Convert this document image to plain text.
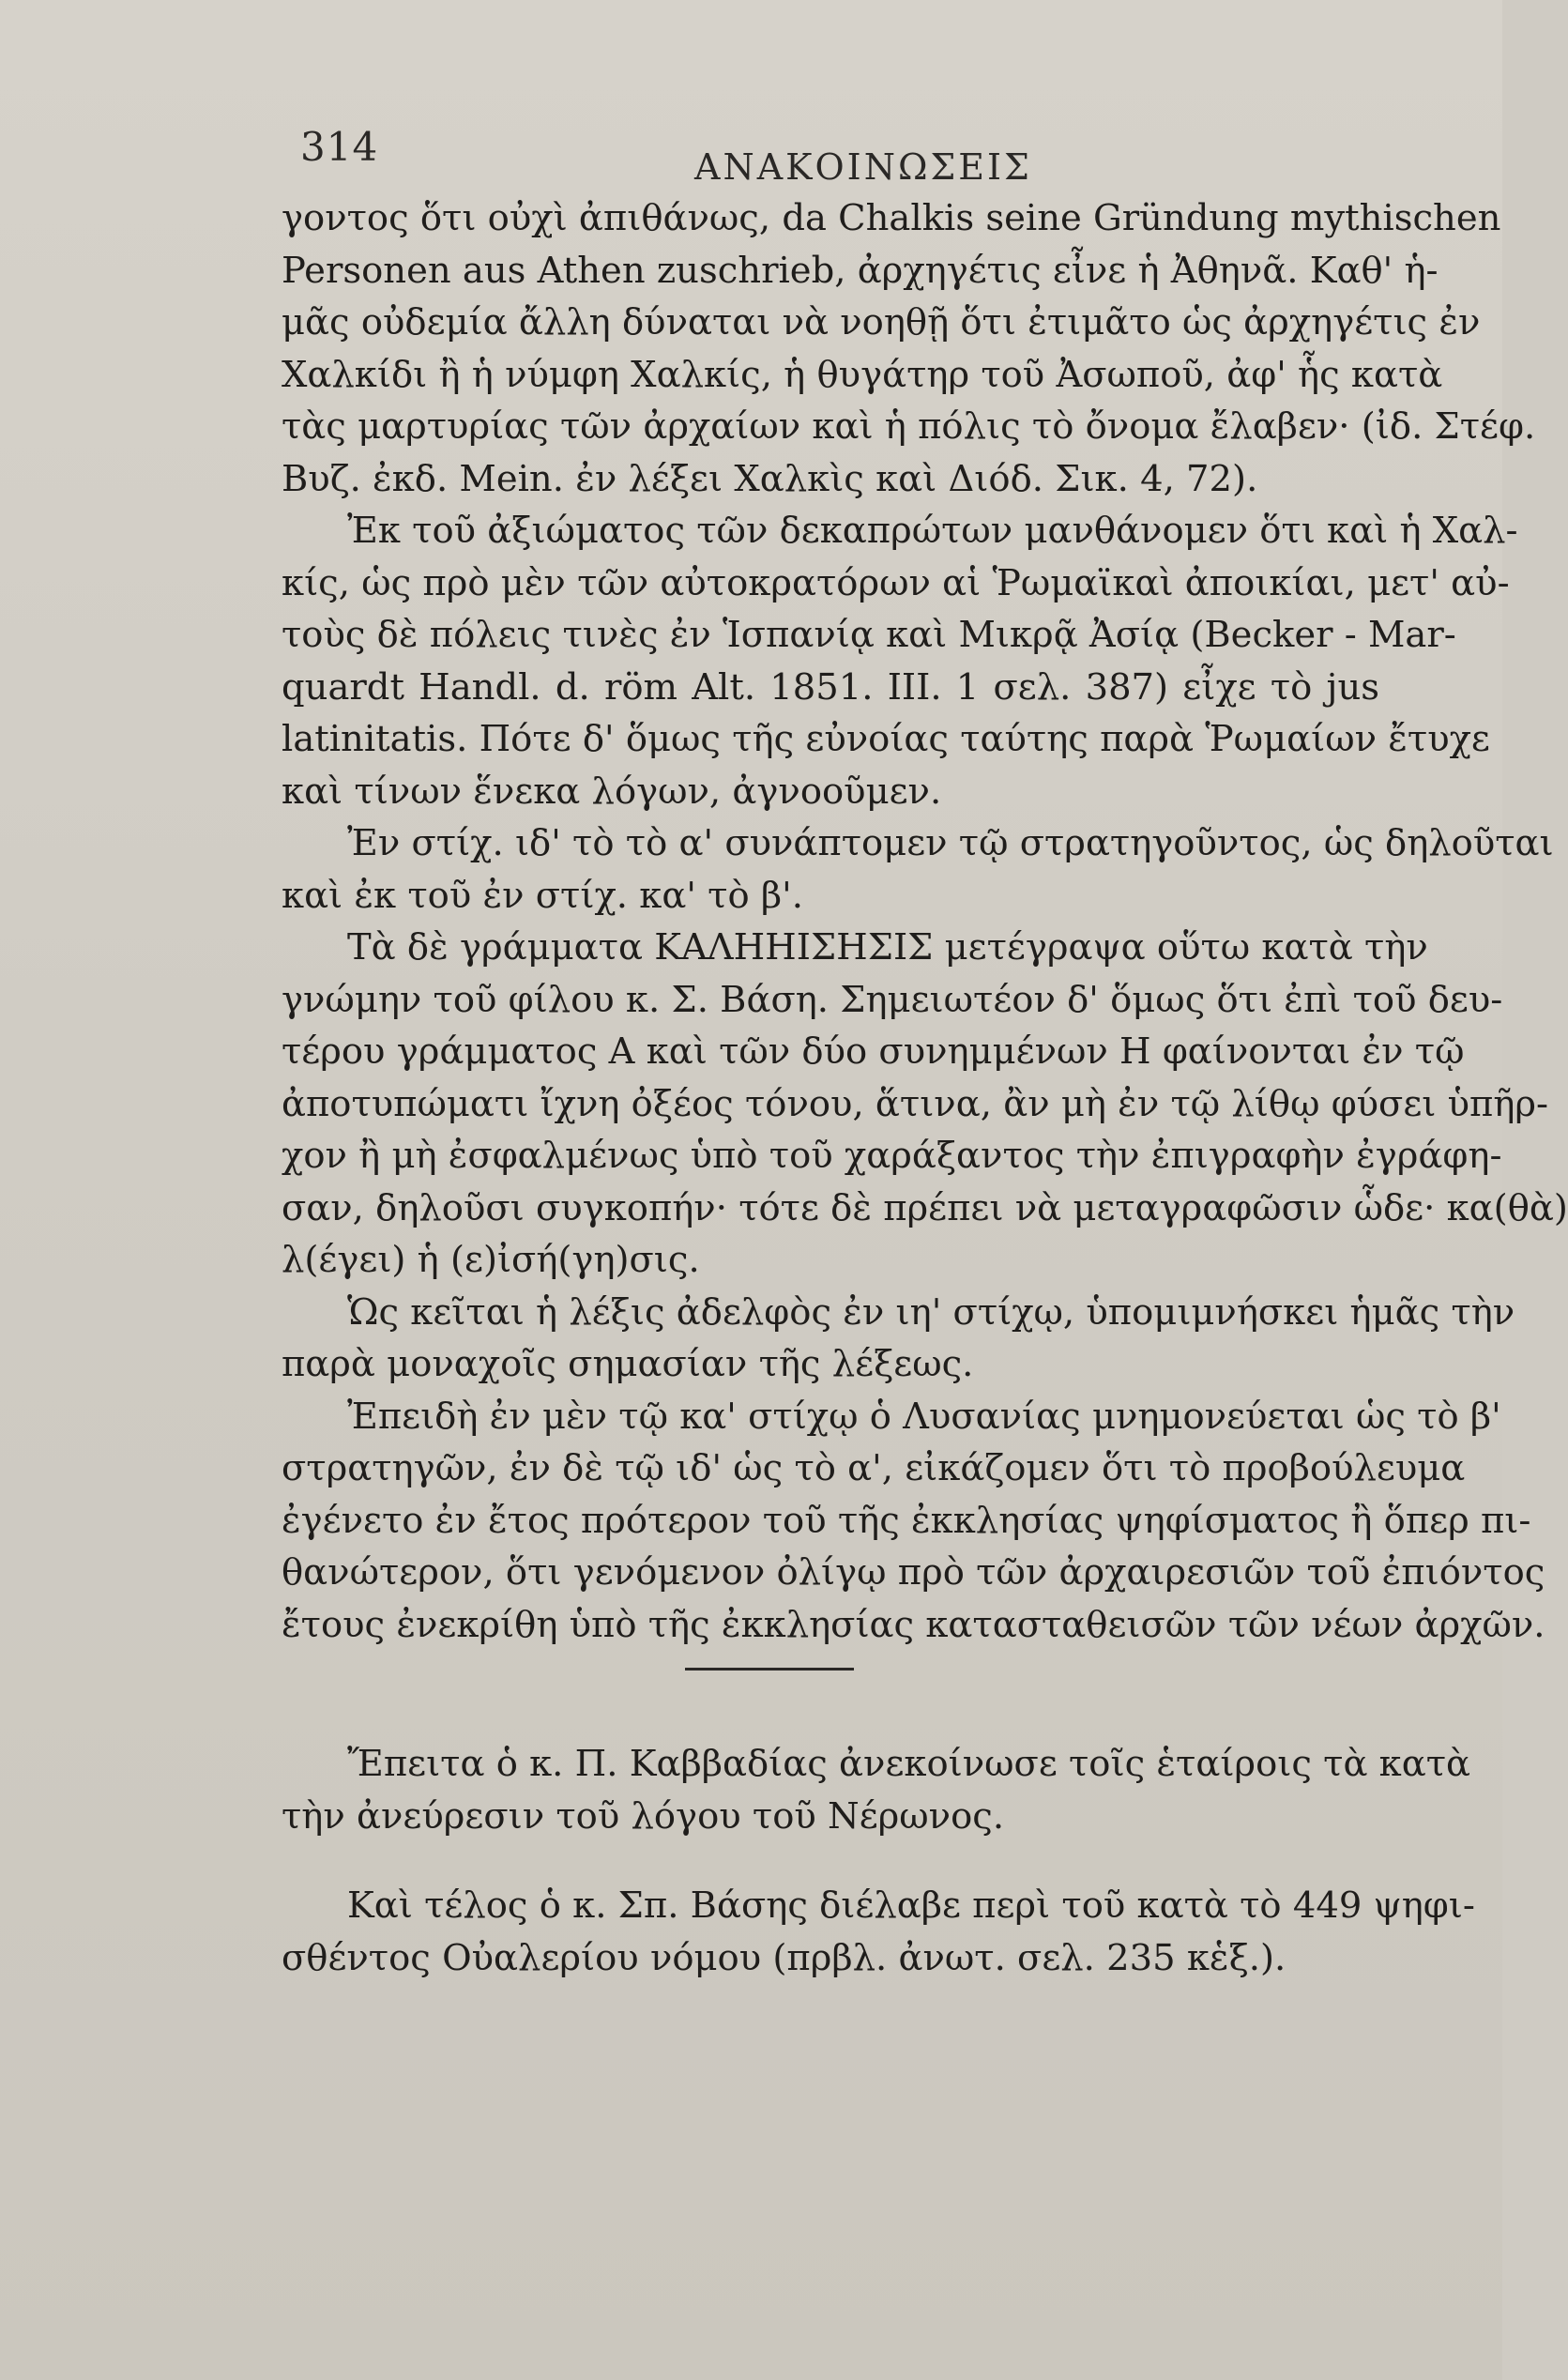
314	ΑΝΑΚΟΙΝΩΣΕΙΣ
γοντος ὅτι οὐχὶ ἀπιθάνως, da Chalkis seine Gründung mythischen
Personen aus Athen zuschrieb, ἀρχηγέτις εἶνε ἡ Ἀθηνᾶ. Καθ' ἡ-
μᾶς οὐδεμία ἄλλη δύναται νὰ νοηθῇ ὅτι ἐτιμᾶτο ὡς ἀρχηγέτις ἐν
Χαλκίδι ἢ ἡ νύμφη Χαλκίς, ἡ θυγάτηρ τοῦ Ἀσωποῦ, ἀφ' ἧς κατὰ
τὰς μαρτυρίας τῶν ἀρχαίων καὶ ἡ πόλις τὸ ὄνομα ἔλαβεν· (ἰδ. Στέφ.
Βυζ. ἐκδ. Mein. ἐν λέξει Χαλκὶς καὶ Διόδ. Σικ. 4, 72).
Ἐκ τοῦ ἀξιώματος τῶν δεκαπρώτων μανθάνομεν ὅτι καὶ ἡ Χαλ-
κίς, ὡς πρὸ μὲν τῶν αὐτοκρατόρων αἱ Ῥωμαϊκαὶ ἀποικίαι, μετ' αὐ-
τοὺς δὲ πόλεις τινὲς ἐν Ἱσπανίᾳ καὶ Μικρᾷ Ἀσίᾳ (Becker - Mar-
quardt Handl. d. röm Alt. 1851. III. 1 σελ. 387) εἶχε τὸ jus
latinitatis. Πότε δ' ὅμως τῆς εὐνοίας ταύτης παρὰ Ῥωμαίων ἔτυχε
καὶ τίνων ἕνεκα λόγων, ἀγνοοῦμεν.
Ἐν στίχ. ιδ' τὸ τὸ α' συνάπτομεν τῷ στρατηγοῦντος, ὡς δηλοῦται
καὶ ἐκ τοῦ ἐν στίχ. κα' τὸ β'.
Τὰ δὲ γράμματα ΚΑΛΗΗΙΣΗΣΙΣ μετέγραψα οὕτω κατὰ τὴν
γνώμην τοῦ φίλου κ. Σ. Βάση. Σημειωτέον δ' ὅμως ὅτι ἐπὶ τοῦ δευ-
τέρου γράμματος Α καὶ τῶν δύο συνημμένων Η φαίνονται ἐν τῷ
ἀποτυπώματι ἴχνη ὀξέος τόνου, ἅτινα, ἂν μὴ ἐν τῷ λίθῳ φύσει ὑπῆρ-
χον ἢ μὴ ἐσφαλμένως ὑπὸ τοῦ χαράξαντος τὴν ἐπιγραφὴν ἐγράφη-
σαν, δηλοῦσι συγκοπήν· τότε δὲ πρέπει νὰ μεταγραφῶσιν ὧδε· κα(θὰ)
λ(έγει) ἡ (ε)ἰσή(γη)σις.
Ὡς κεῖται ἡ λέξις ἀδελφὸς ἐν ιη' στίχῳ, ὑπομιμνήσκει ἡμᾶς τὴν
παρὰ μοναχοῖς σημασίαν τῆς λέξεως.
Ἐπειδὴ ἐν μὲν τῷ κα' στίχῳ ὁ Λυσανίας μνημονεύεται ὡς τὸ β'
στρατηγῶν, ἐν δὲ τῷ ιδ' ὡς τὸ α', εἰκάζομεν ὅτι τὸ προβούλευμα
ἐγένετο ἐν ἔτος πρότερον τοῦ τῆς ἐκκλησίας ψηφίσματος ἢ ὅπερ πι-
θανώτερον, ὅτι γενόμενον ὀλίγῳ πρὸ τῶν ἀρχαιρεσιῶν τοῦ ἐπιόντος
ἔτους ἐνεκρίθη ὑπὸ τῆς ἐκκλησίας κατασταθεισῶν τῶν νέων ἀρχῶν.
Ἔπειτα ὁ κ. Π. Καββαδίας ἀνεκοίνωσε τοῖς ἑταίροις τὰ κατὰ
τὴν ἀνεύρεσιν τοῦ λόγου τοῦ Νέρωνος.
Καὶ τέλος ὁ κ. Σπ. Βάσης διέλαβε περὶ τοῦ κατὰ τὸ 449 ψηφι-
σθέντος Οὐαλερίου νόμου (πρβλ. ἀνωτ. σελ. 235 κἑξ.).
